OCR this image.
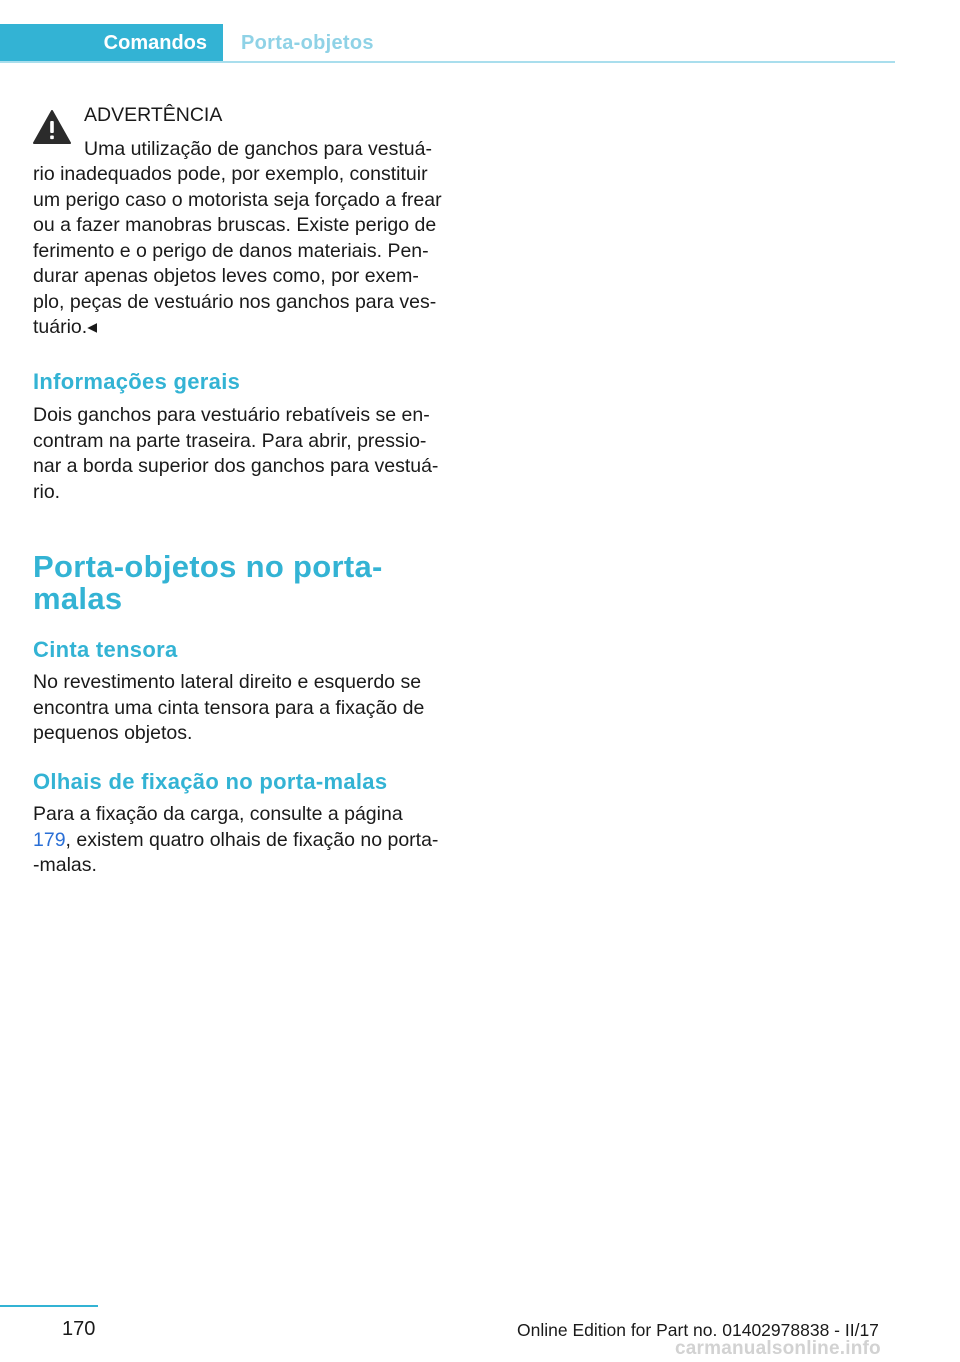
Comandos Porta-objetos
ADVERTÊNCIA
Uma utilização de ganchos para vestuá-

rio inadequados pode, por exemplo, constituir

um perigo caso o motorista seja forçado a frear

ou a fazer manobras bruscas. Existe perigo de

ferimento e o perigo de danos materiais. Pen-

durar apenas objetos leves como, por exem-

plo, peças de vestuário nos ganchos para ves-

tuário.◂

Informações gerais

Dois ganchos para vestuário rebatíveis se en-

contram na parte traseira. Para abrir, pressio-

nar a borda superior dos ganchos para vestuá-

rio.

Porta-objetos no porta-
malas
Cinta tensora

No revestimento lateral direito e esquerdo se

encontra uma cinta tensora para a fixação de

pequenos objetos.

Olhais de fixação no porta-malas

Para a fixação da carga, consulte a página

179, existem quatro olhais de fixação no porta-

-malas.

170	Online Edition for Part no. 01402978838 - II/17
carmanualsonline.info
